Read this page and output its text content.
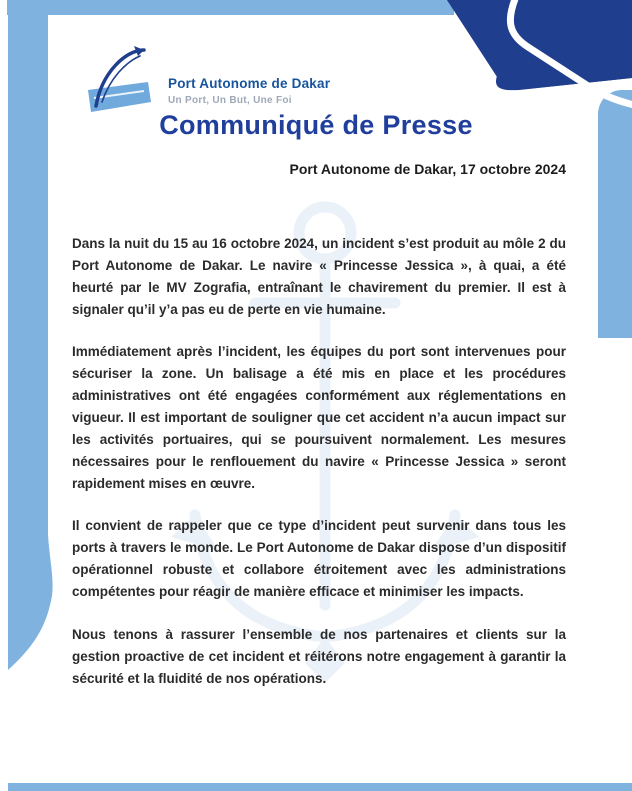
Port Autonome de Dakar
Un Port, Un But, Une Foi
Communiqué de Presse
Port Autonome de Dakar, 17 octobre 2024

Dans la nuit du 15 au 16 octobre 2024, un incident s’est produit au môle 2 du Port Autonome de Dakar. Le navire « Princesse Jessica », à quai, a été heurté par le MV Zografia, entraînant le chavirement du premier. Il est à signaler qu’il y’a pas eu de perte en vie humaine.

Immédiatement après l’incident, les équipes du port sont intervenues pour sécuriser la zone. Un balisage a été mis en place et les procédures administratives ont été engagées conformément aux réglementations en vigueur. Il est important de souligner que cet accident n’a aucun impact sur les activités portuaires, qui se poursuivent normalement. Les mesures nécessaires pour le renflouement du navire « Princesse Jessica » seront rapidement mises en œuvre.

Il convient de rappeler que ce type d’incident peut survenir dans tous les ports à travers le monde. Le Port Autonome de Dakar dispose d’un dispositif opérationnel robuste et collabore étroitement avec les administrations compétentes pour réagir de manière efficace et minimiser les impacts.

Nous tenons à rassurer l’ensemble de nos partenaires et clients sur la gestion proactive de cet incident et réitérons notre engagement à garantir la sécurité et la fluidité de nos opérations.
